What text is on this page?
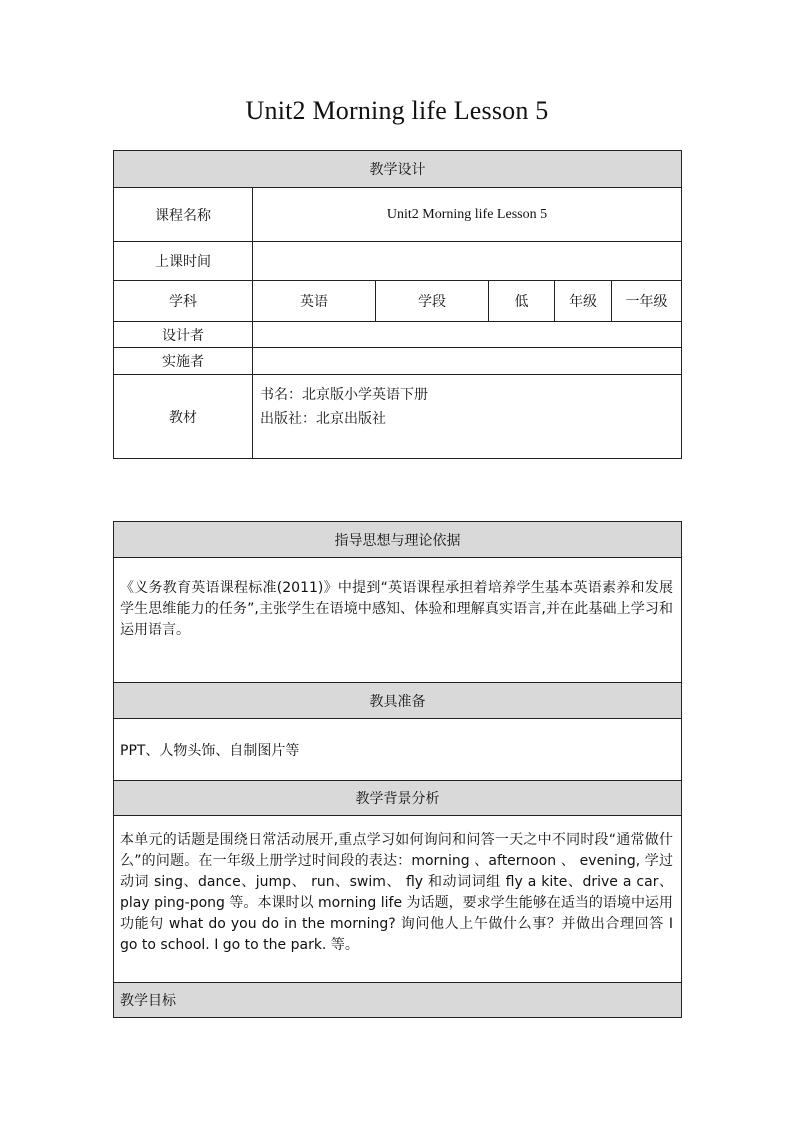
Unit2 Morning life Lesson 5
教学设计					
课程名称	Unit2 Morning life Lesson 5				
上课时间					
学科	英语	学段	低	年级	一年级
设计者					
实施者					
教材	书名：北京版小学英语下册
出版社：北京出版社				
指导思想与理论依据
《义务教育英语课程标准(2011)》中提到“英语课程承担着培养学生基本英语素养和发展学生思维能力的任务”,主张学生在语境中感知、体验和理解真实语言,并在此基础上学习和运用语言。
教具准备
PPT、人物头饰、自制图片等
教学背景分析
本单元的话题是围绕日常活动展开,重点学习如何询问和问答一天之中不同时段“通常做什么”的问题。在一年级上册学过时间段的表达：morning 、afternoon 、 evening, 学过动词 sing、dance、jump、 run、swim、 fly 和动词词组 fly a kite、drive a car、play ping-pong 等。本课时以 morning life 为话题，要求学生能够在适当的语境中运用功能句 what do you do in the morning? 询问他人上午做什么事？并做出合理回答 I go to school. I go to the park. 等。
教学目标
